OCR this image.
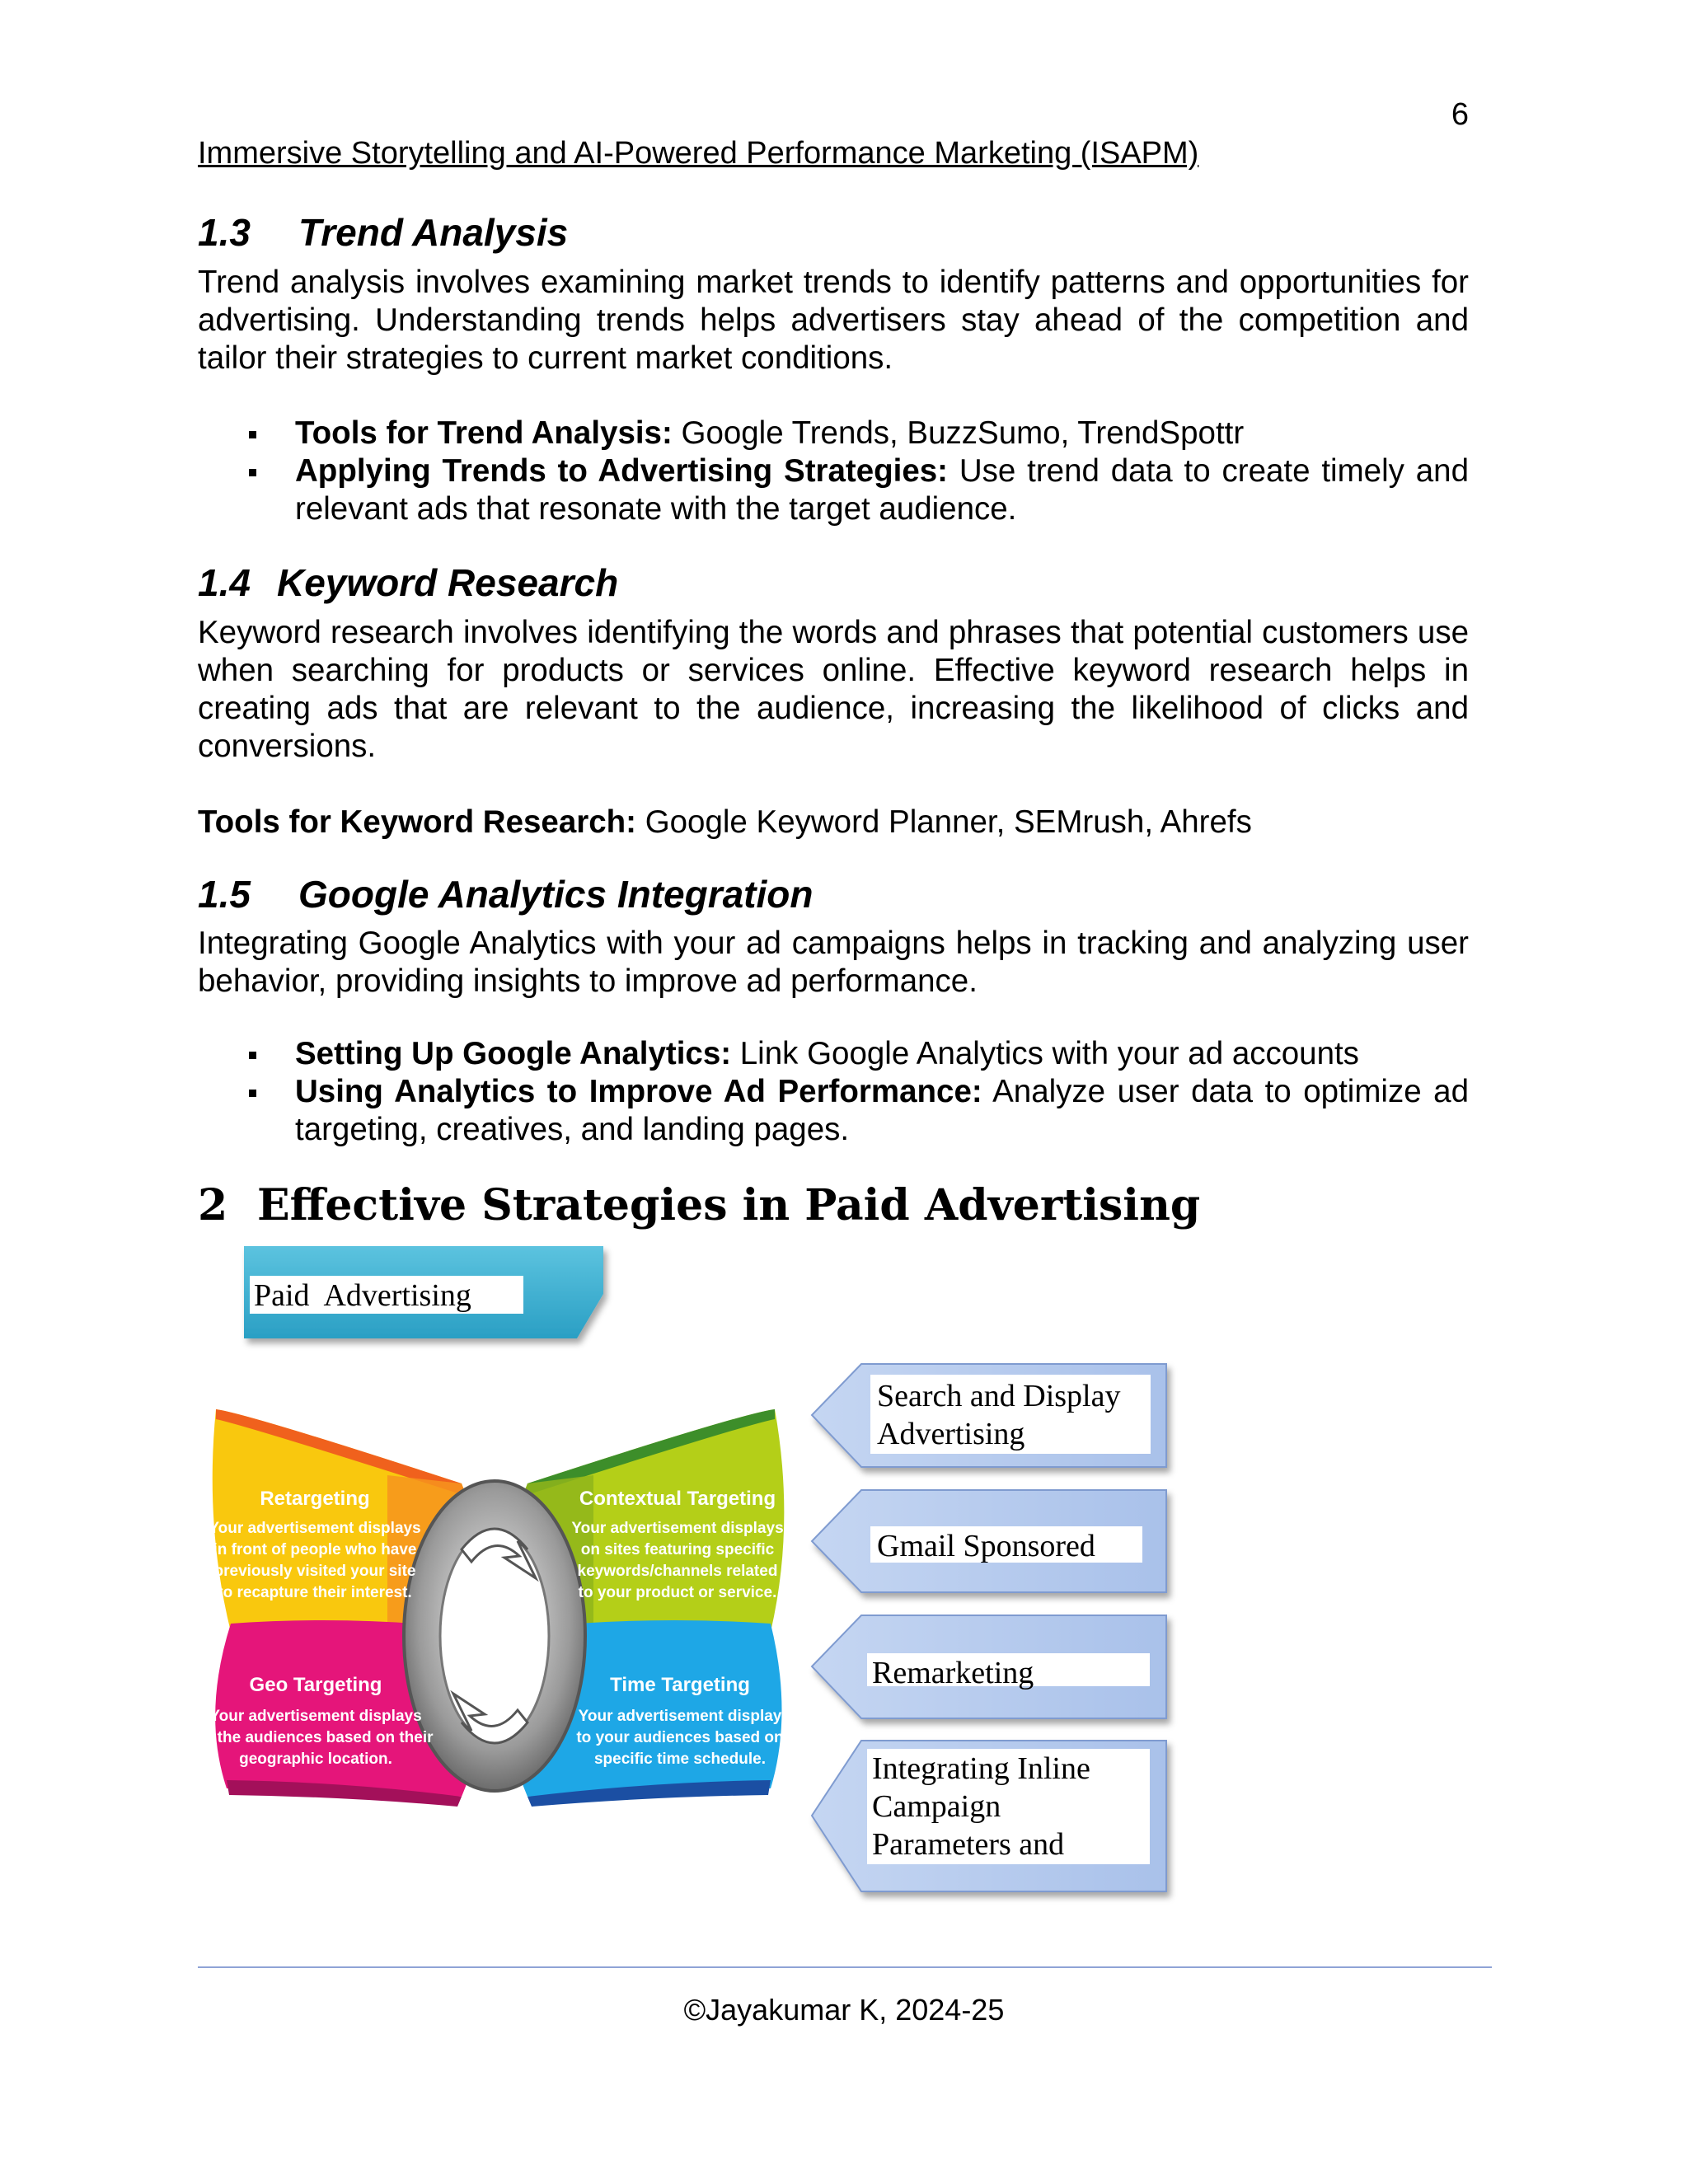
6
Immersive Storytelling and AI-Powered Performance Marketing (ISAPM)
1.3 Trend Analysis
Trend analysis involves examining market trends to identify patterns and opportunities for advertising. Understanding trends helps advertisers stay ahead of the competition and tailor their strategies to current market conditions.
Tools for Trend Analysis: Google Trends, BuzzSumo, TrendSpottr
Applying Trends to Advertising Strategies: Use trend data to create timely and relevant ads that resonate with the target audience.
1.4 Keyword Research
Keyword research involves identifying the words and phrases that potential customers use when searching for products or services online. Effective keyword research helps in creating ads that are relevant to the audience, increasing the likelihood of clicks and conversions.
Tools for Keyword Research: Google Keyword Planner, SEMrush, Ahrefs
1.5 Google Analytics Integration
Integrating Google Analytics with your ad campaigns helps in tracking and analyzing user behavior, providing insights to improve ad performance.
Setting Up Google Analytics: Link Google Analytics with your ad accounts
Using Analytics to Improve Ad Performance: Analyze user data to optimize ad targeting, creatives, and landing pages.
2 Effective Strategies in Paid Advertising
Paid  Advertising
Retargeting
Your advertisement displays
in front of people who have
previously visited your site
to recapture their interest.
Contextual Targeting
Your advertisement displays
on sites featuring specific
keywords/channels related
to your product or service.
Geo Targeting
Your advertisement displays
to the audiences based on their
geographic location.
Time Targeting
Your advertisement display
to your audiences based on
specific time schedule.
Search and Display
Advertising
Gmail Sponsored
Remarketing
Integrating Inline
Campaign
Parameters and
©Jayakumar K, 2024-25
